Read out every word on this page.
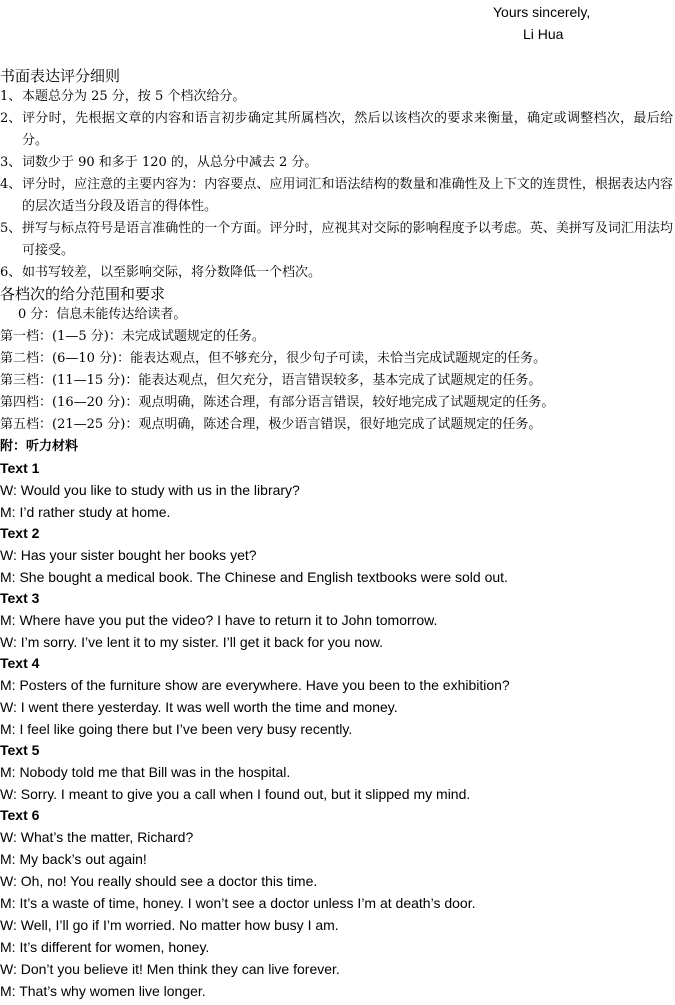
Yours sincerely,
Li Hua
书面表达评分细则
1、 本题总分为 25 分，按 5 个档次给分。
2、 评分时，先根据文章的内容和语言初步确定其所属档次，然后以该档次的要求来衡量，确定或调整档次，最后给分。
3、 词数少于 90 和多于 120 的，从总分中减去 2 分。
4、 评分时，应注意的主要内容为：内容要点、应用词汇和语法结构的数量和准确性及上下文的连贯性，根据表达内容的层次适当分段及语言的得体性。
5、 拼写与标点符号是语言准确性的一个方面。评分时，应视其对交际的影响程度予以考虑。英、美拼写及词汇用法均可接受。
6、 如书写较差，以至影响交际，将分数降低一个档次。
各档次的给分范围和要求
0 分：信息未能传达给读者。
第一档：(1—5 分)：未完成试题规定的任务。
第二档：(6—10 分)：能表达观点，但不够充分，很少句子可读，未恰当完成试题规定的任务。
第三档：(11—15 分)：能表达观点，但欠充分，语言错误较多，基本完成了试题规定的任务。
第四档：(16—20 分)：观点明确，陈述合理，有部分语言错误，较好地完成了试题规定的任务。
第五档：(21—25 分)：观点明确，陈述合理，极少语言错误，很好地完成了试题规定的任务。
附：听力材料
Text 1
W: Would you like to study with us in the library?
M: I’d rather study at home.
Text 2
W: Has your sister bought her books yet?
M: She bought a medical book. The Chinese and English textbooks were sold out.
Text 3
M: Where have you put the video? I have to return it to John tomorrow.
W: I’m sorry. I’ve lent it to my sister. I’ll get it back for you now.
Text 4
M: Posters of the furniture show are everywhere. Have you been to the exhibition?
W: I went there yesterday. It was well worth the time and money.
M: I feel like going there but I’ve been very busy recently.
Text 5
M: Nobody told me that Bill was in the hospital.
W: Sorry. I meant to give you a call when I found out, but it slipped my mind.
Text 6
W: What’s the matter, Richard?
M: My back’s out again!
W: Oh, no! You really should see a doctor this time.
M: It’s a waste of time, honey. I won’t see a doctor unless I’m at death’s door.
W: Well, I’ll go if I’m worried. No matter how busy I am.
M: It’s different for women, honey.
W: Don’t you believe it! Men think they can live forever.
M: That’s why women live longer.
